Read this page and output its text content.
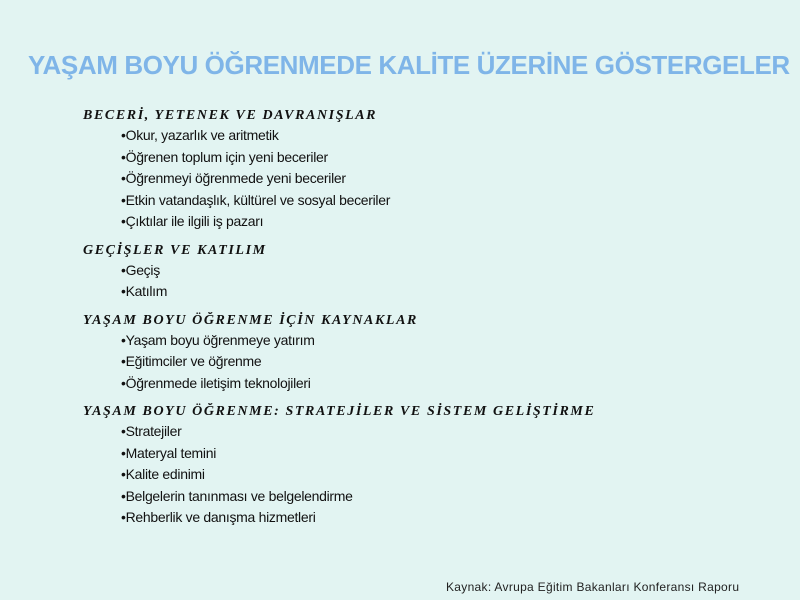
YAŞAM BOYU ÖĞRENMEDE KALİTE ÜZERİNE GÖSTERGELER
BECERİ, YETENEK VE DAVRANIŞLAR
•Okur, yazarlık ve aritmetik
•Öğrenen toplum için yeni beceriler
•Öğrenmeyi öğrenmede yeni beceriler
•Etkin vatandaşlık, kültürel ve sosyal beceriler
•Çıktılar ile ilgili iş pazarı
GEÇİŞLER VE KATILIM
•Geçiş
•Katılım
YAŞAM BOYU ÖĞRENME İÇİN KAYNAKLAR
•Yaşam boyu öğrenmeye yatırım
•Eğitimciler ve öğrenme
•Öğrenmede iletişim teknolojileri
YAŞAM BOYU ÖĞRENME: STRATEJİLER VE SİSTEM GELİŞTİRME
•Stratejiler
•Materyal temini
•Kalite edinimi
•Belgelerin tanınması ve belgelendirme
•Rehberlik ve danışma hizmetleri
Kaynak: Avrupa Eğitim Bakanları Konferansı Raporu
